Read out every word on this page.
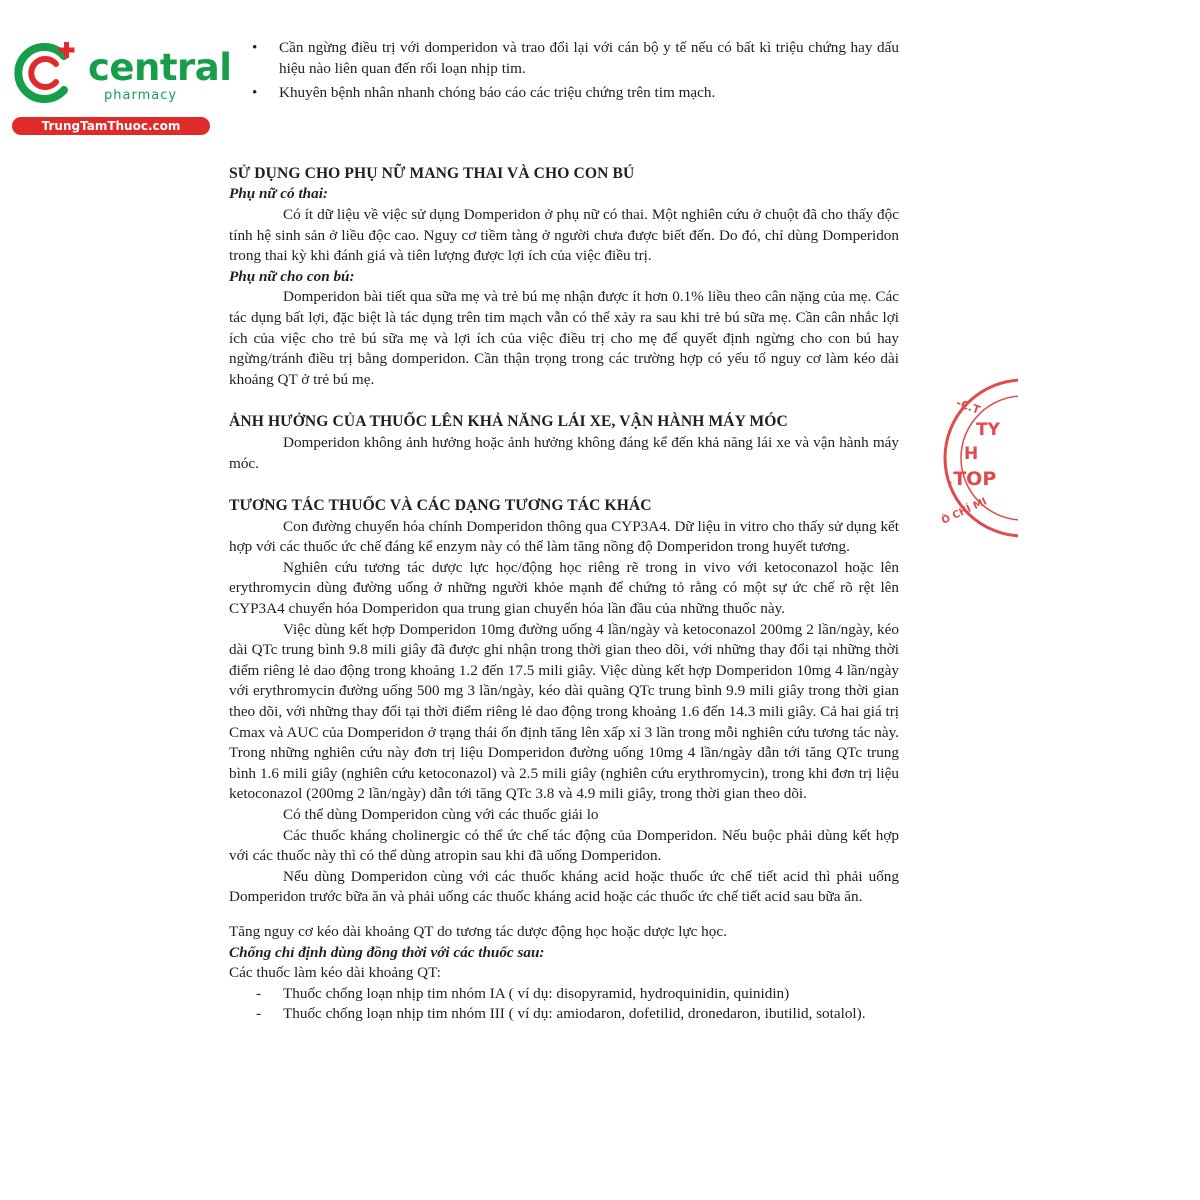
central
pharmacy
TrungTamThuoc.com
-C.T
TY
H
.TOP
Ô CHÍ MI
• Cần ngừng điều trị với domperidon và trao đổi lại với cán bộ y tế nếu có bất kì triệu chứng hay dấu hiệu nào liên quan đến rối loạn nhịp tim.
• Khuyên bệnh nhân nhanh chóng báo cáo các triệu chứng trên tim mạch.
SỬ DỤNG CHO PHỤ NỮ MANG THAI VÀ CHO CON BÚ

Phụ nữ có thai:

Có ít dữ liệu về việc sử dụng Domperidon ở phụ nữ có thai. Một nghiên cứu ở chuột đã cho thấy độc tính hệ sinh sản ở liều độc cao. Nguy cơ tiềm tàng ở người chưa được biết đến. Do đó, chỉ dùng Domperidon trong thai kỳ khi đánh giá và tiên lượng được lợi ích của việc điều trị.

Phụ nữ cho con bú:

Domperidon bài tiết qua sữa mẹ và trẻ bú mẹ nhận được ít hơn 0.1% liều theo cân nặng của mẹ. Các tác dụng bất lợi, đặc biệt là tác dụng trên tim mạch vẫn có thể xảy ra sau khi trẻ bú sữa mẹ. Cần cân nhắc lợi ích của việc cho trẻ bú sữa mẹ và lợi ích của việc điều trị cho mẹ để quyết định ngừng cho con bú hay ngừng/tránh điều trị bằng domperidon. Cần thận trọng trong các trường hợp có yếu tố nguy cơ làm kéo dài khoảng QT ở trẻ bú mẹ.

ẢNH HƯỞNG CỦA THUỐC LÊN KHẢ NĂNG LÁI XE, VẬN HÀNH MÁY MÓC

Domperidon không ảnh hưởng hoặc ảnh hưởng không đáng kể đến khả năng lái xe và vận hành máy móc.

TƯƠNG TÁC THUỐC VÀ CÁC DẠNG TƯƠNG TÁC KHÁC

Con đường chuyển hóa chính Domperidon thông qua CYP3A4. Dữ liệu in vitro cho thấy sử dụng kết hợp với các thuốc ức chế đáng kể enzym này có thể làm tăng nồng độ Domperidon trong huyết tương.

Nghiên cứu tương tác dược lực học/động học riêng rẽ trong in vivo với ketoconazol hoặc lên erythromycin dùng đường uống ở những người khỏe mạnh để chứng tỏ rằng có một sự ức chế rõ rệt lên CYP3A4 chuyển hóa Domperidon qua trung gian chuyển hóa lần đầu của những thuốc này.

Việc dùng kết hợp Domperidon 10mg đường uống 4 lần/ngày và ketoconazol 200mg 2 lần/ngày, kéo dài QTc trung bình 9.8 mili giây đã được ghi nhận trong thời gian theo dõi, với những thay đổi tại những thời điểm riêng lẻ dao động trong khoảng 1.2 đến 17.5 mili giây. Việc dùng kết hợp Domperidon 10mg 4 lần/ngày với erythromycin đường uống 500 mg 3 lần/ngày, kéo dài quãng QTc trung bình 9.9 mili giây trong thời gian theo dõi, với những thay đổi tại thời điểm riêng lẻ dao động trong khoảng 1.6 đến 14.3 mili giây. Cả hai giá trị Cmax và AUC của Domperidon ở trạng thái ổn định tăng lên xấp xỉ 3 lần trong mỗi nghiên cứu tương tác này. Trong những nghiên cứu này đơn trị liệu Domperidon đường uống 10mg 4 lần/ngày dẫn tới tăng QTc trung bình 1.6 mili giây (nghiên cứu ketoconazol) và 2.5 mili giây (nghiên cứu erythromycin), trong khi đơn trị liệu ketoconazol (200mg 2 lần/ngày) dẫn tới tăng QTc 3.8 và 4.9 mili giây, trong thời gian theo dõi.

Có thể dùng Domperidon cùng với các thuốc giải lo

Các thuốc kháng cholinergic có thể ức chế tác động của Domperidon. Nếu buộc phải dùng kết hợp với các thuốc này thì có thể dùng atropin sau khi đã uống Domperidon.

Nếu dùng Domperidon cùng với các thuốc kháng acid hoặc thuốc ức chế tiết acid thì phải uống Domperidon trước bữa ăn và phải uống các thuốc kháng acid hoặc các thuốc ức chế tiết acid sau bữa ăn.

Tăng nguy cơ kéo dài khoảng QT do tương tác dược động học hoặc dược lực học.

Chống chỉ định dùng đồng thời với các thuốc sau:

Các thuốc làm kéo dài khoảng QT:

- Thuốc chống loạn nhịp tim nhóm IA ( ví dụ: disopyramid, hydroquinidin, quinidin)
- Thuốc chống loạn nhịp tim nhóm III ( ví dụ: amiodaron, dofetilid, dronedaron, ibutilid, sotalol).
